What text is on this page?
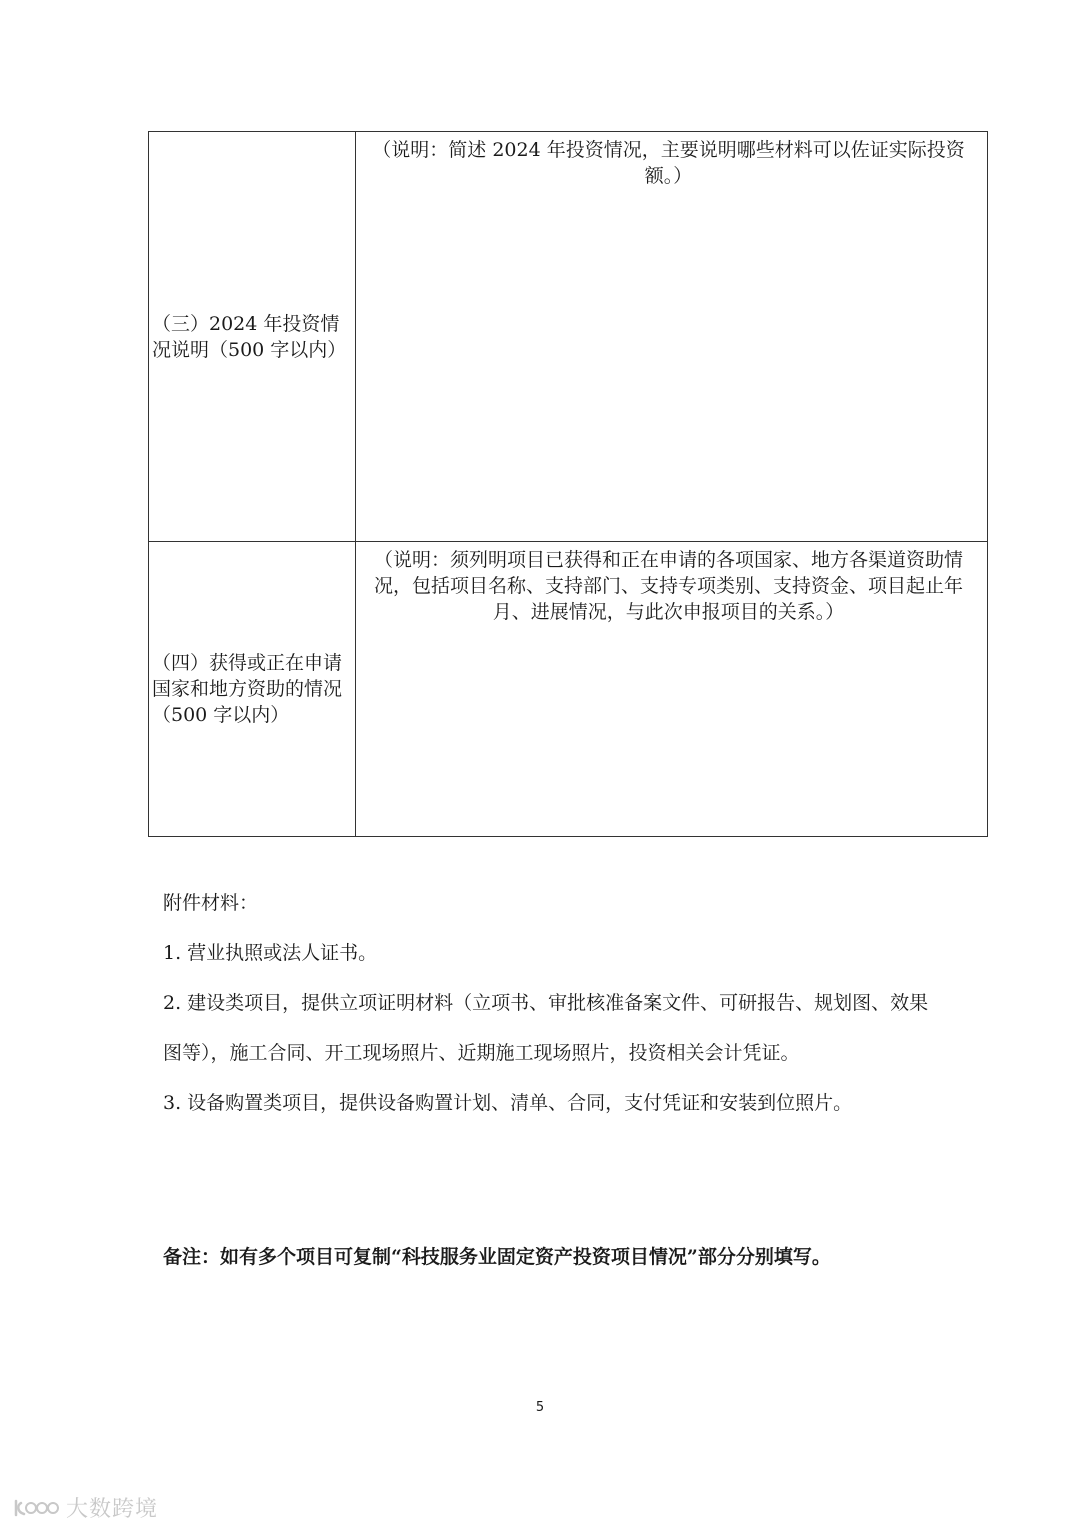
（三）2024 年投资情况说明（500 字以内）	（说明：简述 2024 年投资情况，主要说明哪些材料可以佐证实际投资额。）

（四）获得或正在申请国家和地方资助的情况（500 字以内）	（说明：须列明项目已获得和正在申请的各项国家、地方各渠道资助情况，包括项目名称、支持部门、支持专项类别、支持资金、项目起止年月、进展情况，与此次申报项目的关系。）

附件材料：

1. 营业执照或法人证书。

2. 建设类项目，提供立项证明材料（立项书、审批核准备案文件、可研报告、规划图、效果图等），施工合同、开工现场照片、近期施工现场照片，投资相关会计凭证。

3. 设备购置类项目，提供设备购置计划、清单、合同，支付凭证和安装到位照片。

备注：如有多个项目可复制“科技服务业固定资产投资项目情况”部分分别填写。
5
大数跨境
